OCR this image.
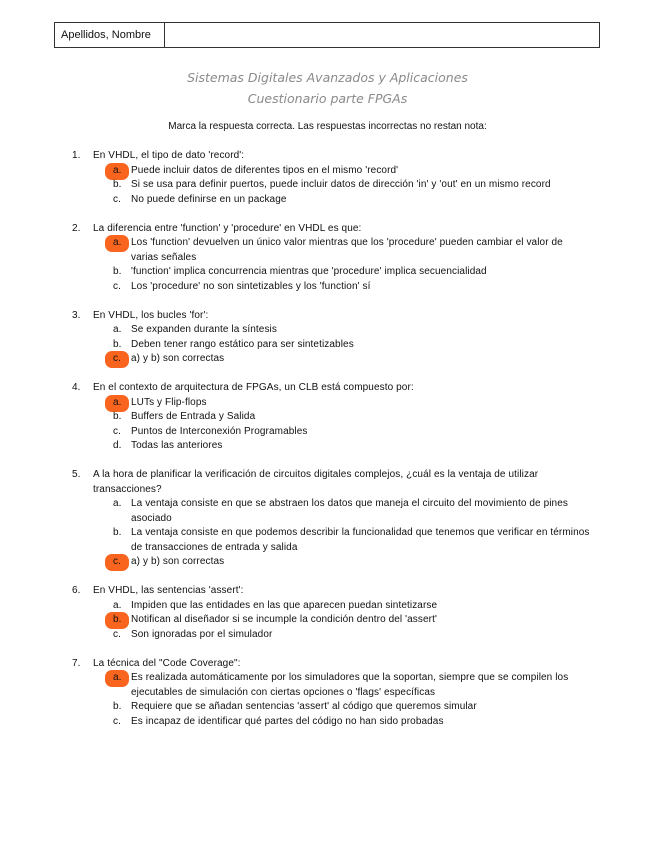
Apellidos, Nombre
Sistemas Digitales Avanzados y Aplicaciones
Cuestionario parte FPGAs
Marca la respuesta correcta. Las respuestas incorrectas no restan nota:
1.	En VHDL, el tipo de dato 'record':
a. Puede incluir datos de diferentes tipos en el mismo 'record'
b. Si se usa para definir puertos, puede incluir datos de dirección 'in' y 'out' en un mismo record
c.	No puede definirse en un package
2.	La diferencia entre 'function' y 'procedure' en VHDL es que:
a. Los 'function' devuelven un único valor mientras que los 'procedure' pueden cambiar el valor de varias señales
b. 'function' implica concurrencia mientras que 'procedure' implica secuencialidad
c.	Los 'procedure' no son sintetizables y los 'function' sí
3.	En VHDL, los bucles 'for':
a. Se expanden durante la síntesis
b. Deben tener rango estático para ser sintetizables
c.	a) y b) son correctas
4.	En el contexto de arquitectura de FPGAs, un CLB está compuesto por:
a. LUTs y Flip-flops
b. Buffers de Entrada y Salida
c.	Puntos de Interconexión Programables
d. Todas las anteriores
5.	A la hora de planificar la verificación de circuitos digitales complejos, ¿cuál es la ventaja de utilizar transacciones?
a. La ventaja consiste en que se abstraen los datos que maneja el circuito del movimiento de pines asociado
b. La ventaja consiste en que podemos describir la funcionalidad que tenemos que verificar en términos de transacciones de entrada y salida
c.	a) y b) son correctas
6.	En VHDL, las sentencias 'assert':
a. Impiden que las entidades en las que aparecen puedan sintetizarse
b. Notifican al diseñador si se incumple la condición dentro del 'assert'
c.	Son ignoradas por el simulador
7.	La técnica del "Code Coverage":
a. Es realizada automáticamente por los simuladores que la soportan, siempre que se compilen los ejecutables de simulación con ciertas opciones o 'flags' específicas
b. Requiere que se añadan sentencias 'assert' al código que queremos simular
c.	Es incapaz de identificar qué partes del código no han sido probadas
